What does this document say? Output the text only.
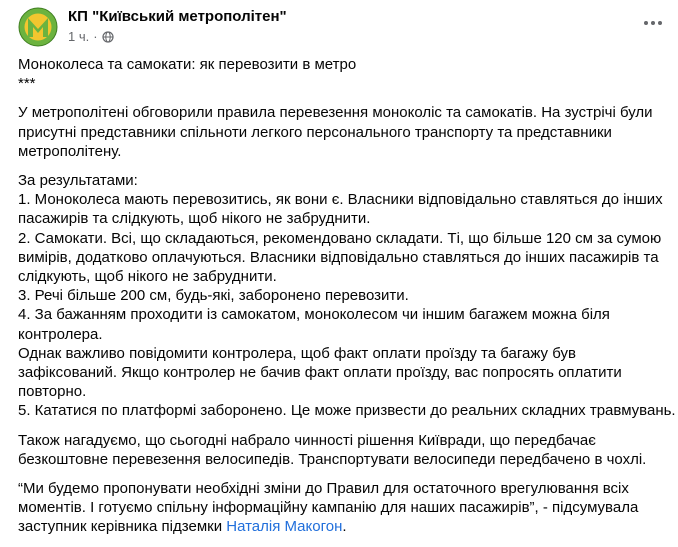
КП "Київський метрополітен"
1 ч. ·
Моноколеса та самокати: як перевозити в метро
***
У метрополітені обговорили правила перевезення моноколіс та самокатів. На зустрічі були
присутні представники спільноти легкого персонального транспорту та представники
метрополітену.
За результатами:
1. Моноколеса мають перевозитись, як вони є. Власники відповідально ставляться до інших
пасажирів та слідкують, щоб нікого не забруднити.
2. Самокати. Всі, що складаються, рекомендовано складати. Ті, що більше 120 см за сумою
вимірів, додатково оплачуються. Власники відповідально ставляться до інших пасажирів та
слідкують, щоб нікого не забруднити.
3. Речі більше 200 см, будь-які, заборонено перевозити.
4. За бажанням проходити із самокатом, моноколесом чи іншим багажем можна біля
контролера.
Однак важливо повідомити контролера, щоб факт оплати проїзду та багажу був
зафіксований. Якщо контролер не бачив факт оплати проїзду, вас попросять оплатити
повторно.
5. Кататися по платформі заборонено. Це може призвести до реальних складних травмувань.
Також нагадуємо, що сьогодні набрало чинності рішення Київради, що передбачає
безкоштовне перевезення велосипедів. Транспортувати велосипеди передбачено в чохлі.
“Ми будемо пропонувати необхідні зміни до Правил для остаточного врегулювання всіх
моментів. І готуємо спільну інформаційну кампанію для наших пасажирів”, - підсумувала
заступник керівника підземки Наталія Макогон.
